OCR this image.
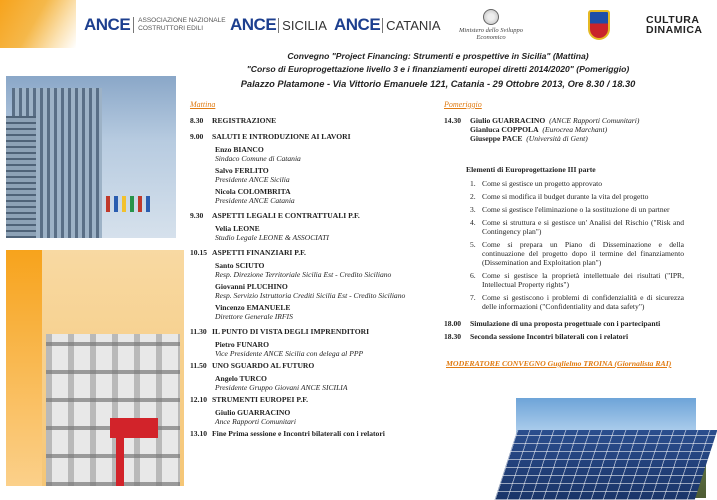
ANCE	ASSOCIAZIONE NAZIONALE
COSTRUTTORI EDILI	ANCE SICILIA ANCE CATANIA	Ministero dello Sviluppo Economico
CULTURA
DINAMICA
Convegno "Project Financing: Strumenti e prospettive in Sicilia" (Mattina)
"Corso di Europrogettazione livello 3 e i finanziamenti europei diretti 2014/2020" (Pomeriggio)
Palazzo Platamone - Via Vittorio Emanuele 121, Catania - 29 Ottobre 2013, Ore 8.30 / 18.30
Mattina
8.30	REGISTRAZIONE
9.00	SALUTI E INTRODUZIONE AI LAVORI
Enzo BIANCO
Sindaco Comune di Catania
Salvo FERLITO
Presidente ANCE Sicilia
Nicola COLOMBRITA
Presidente ANCE Catania
9.30	ASPETTI LEGALI E CONTRATTUALI P.F.
Velia LEONE
Studio Legale LEONE & ASSOCIATI
10.15 ASPETTI FINANZIARI P.F.
Santo SCIUTO
Resp. Direzione Territoriale Sicilia Est - Credito Siciliano
Giovanni PLUCHINO
Resp. Servizio Istruttoria Crediti Sicilia Est - Credito Siciliano
Vincenzo EMANUELE
Direttore Generale IRFIS
11.30 IL PUNTO DI VISTA DEGLI IMPRENDITORI
Pietro FUNARO
Vice Presidente ANCE Sicilia con delega al PPP
11.50 UNO SGUARDO AL FUTURO
Angelo TURCO
Presidente Gruppo Giovani ANCE SICILIA
12.10 STRUMENTI EUROPEI P.F.
Giulio GUARRACINO
Ance Rapporti Comunitari
13.10 Fine Prima sessione e Incontri bilaterali con i relatori
Pomeriggio
14.30	Giulio GUARRACINO (ANCE Rapporti Comunitari)
Gianluca COPPOLA (Eurocrea Marchant)
Giuseppe PACE (Università di Gent)
Elementi di Europrogettazione III parte
1. Come si gestisce un progetto approvato
2. Come si modifica il budget durante la vita del progetto
3. Come si gestisce l'eliminazione o la sostituzione di un partner
4. Come si struttura e si gestisce un' Analisi del Rischio ("Risk and Contingency plan")
5. Come si prepara un Piano di Disseminazione e della continuazione del progetto dopo il termine del finanziamento (Dissemination and Exploitation plan")
6. Come si gestisce la proprietà intellettuale dei risultati ("IPR, Intellectual Property rights")
7. Come si gestiscono i problemi di confidenzialità e di sicurezza delle informazioni ("Confidentiality and data safety")
18.00	Simulazione di una proposta progettuale con i partecipanti
18.30	Seconda sessione Incontri bilaterali con i relatori
MODERATORE CONVEGNO Guglielmo TROINA (Giornalista RAI)
